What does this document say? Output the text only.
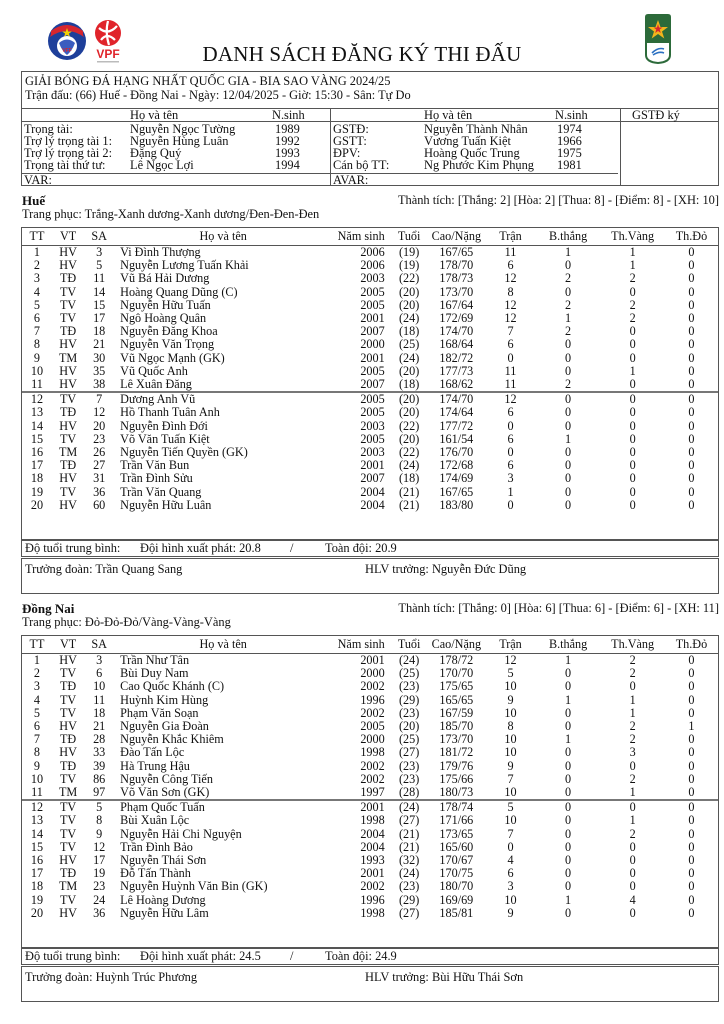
VFF VPF	DANH SÁCH ĐĂNG KÝ THI ĐẤU
GIẢI BÓNG ĐÁ HẠNG NHẤT QUỐC GIA - BIA SAO VÀNG 2024/25
Trận đấu: (66) Huế - Đồng Nai - Ngày: 12/04/2025 - Giờ: 15:30 - Sân: Tự Do
Họ và tên	N.sinh	Họ và tên	N.sinh	GSTĐ ký
Trọng tài:	Nguyễn Ngọc Tường	1989
Trợ lý trọng tài 1: Nguyễn Hùng Luân	1992
Trợ lý trọng tài 2: Đặng Quý	1993
Trọng tài thứ tư: Lê Ngọc Lợi	1994
GSTĐ:	Nguyễn Thành Nhân 1974
GSTT:	Vương Tuấn Kiệt	1966
ĐPV:	Hoàng Quốc Trung	1975
Cán bộ TT:	Ng Phước Kim Phụng 1981
VAR:	AVAR:
Huế	Thành tích: [Thắng: 2] [Hòa: 2] [Thua: 8] - [Điểm: 8] - [XH: 10]
Trang phục: Trắng-Xanh dương-Xanh dương/Đen-Đen-Đen
TT	VT	SA	Họ và tên	Năm sinh	Tuổi	Cao/Nặng	Trận	B.thắng	Th.Vàng	Th.Đỏ
1	HV	3	Vi Đình Thượng	2006	(19)	167/65	11	1	1	0
2	HV	5	Nguyễn Lương Tuấn Khải	2006	(19)	178/70	6	0	1	0
3	TĐ	11	Vũ Bá Hải Dương	2003	(22)	178/73	12	2	2	0
4	TV	14	Hoàng Quang Dũng (C)	2005	(20)	173/70	8	0	0	0
5	TV	15	Nguyễn Hữu Tuấn	2005	(20)	167/64	12	2	2	0
6	TV	17	Ngô Hoàng Quân	2001	(24)	172/69	12	1	2	0
7	TĐ	18	Nguyễn Đăng Khoa	2007	(18)	174/70	7	2	0	0
8	HV	21	Nguyễn Văn Trọng	2000	(25)	168/64	6	0	0	0
9	TM	30	Vũ Ngọc Mạnh (GK)	2001	(24)	182/72	0	0	0	0
10	HV	35	Vũ Quốc Anh	2005	(20)	177/73	11	0	1	0
11	HV	38	Lê Xuân Đăng	2007	(18)	168/62	11	2	0	0
12	TV	7	Dương Anh Vũ	2005	(20)	174/70	12	0	0	0
13	TĐ	12	Hồ Thanh Tuân Anh	2005	(20)	174/64	6	0	0	0
14	HV	20	Nguyễn Đình Đới	2003	(22)	177/72	0	0	0	0
15	TV	23	Võ Văn Tuấn Kiệt	2005	(20)	161/54	6	1	0	0
16	TM	26	Nguyễn Tiến Quyền (GK)	2003	(22)	176/70	0	0	0	0
17	TĐ	27	Trần Văn Bun	2001	(24)	172/68	6	0	0	0
18	HV	31	Trần Đình Sửu	2007	(18)	174/69	3	0	0	0
19	TV	36	Trần Văn Quang	2004	(21)	167/65	1	0	0	0
20	HV	60	Nguyễn Hữu Luân	2004	(21)	183/80	0	0	0	0
Độ tuổi trung bình: Đội hình xuất phát: 20.8 /	Toàn đội: 20.9
Trưởng đoàn: Trần Quang Sang	HLV trưởng: Nguyễn Đức Dũng
Đồng Nai	Thành tích: [Thắng: 0] [Hòa: 6] [Thua: 6] - [Điểm: 6] - [XH: 11]
Trang phục: Đỏ-Đỏ-Đỏ/Vàng-Vàng-Vàng
TT	VT	SA	Họ và tên	Năm sinh	Tuổi	Cao/Nặng	Trận	B.thắng	Th.Vàng	Th.Đỏ
1	HV	3	Trần Như Tân	2001	(24)	178/72	12	1	2	0
2	TV	6	Bùi Duy Nam	2000	(25)	170/70	5	0	2	0
3	TĐ	10	Cao Quốc Khánh (C)	2002	(23)	175/65	10	0	0	0
4	TV	11	Huỳnh Kim Hùng	1996	(29)	165/65	9	1	1	0
5	TV	18	Phạm Văn Soạn	2002	(23)	167/59	10	0	1	0
6	HV	21	Nguyễn Gia Đoàn	2005	(20)	185/70	8	0	2	1
7	TĐ	28	Nguyễn Khắc Khiêm	2000	(25)	173/70	10	1	2	0
8	HV	33	Đào Tấn Lộc	1998	(27)	181/72	10	0	3	0
9	TĐ	39	Hà Trung Hậu	2002	(23)	179/76	9	0	0	0
10	TV	86	Nguyễn Công Tiến	2002	(23)	175/66	7	0	2	0
11	TM	97	Võ Văn Sơn (GK)	1997	(28)	180/73	10	0	1	0
12	TV	5	Phạm Quốc Tuấn	2001	(24)	178/74	5	0	0	0
13	TV	8	Bùi Xuân Lộc	1998	(27)	171/66	10	0	1	0
14	TV	9	Nguyễn Hải Chi Nguyện	2004	(21)	173/65	7	0	2	0
15	TV	12	Trần Đình Bảo	2004	(21)	165/60	0	0	0	0
16	HV	17	Nguyễn Thái Sơn	1993	(32)	170/67	4	0	0	0
17	TĐ	19	Đỗ Tấn Thành	2001	(24)	170/75	6	0	0	0
18	TM	23	Nguyễn Huỳnh Văn Bin (GK)	2002	(23)	180/70	3	0	0	0
19	TV	24	Lê Hoàng Dương	1996	(29)	169/69	10	1	4	0
20	HV	36	Nguyễn Hữu Lâm	1998	(27)	185/81	9	0	0	0
Độ tuổi trung bình: Đội hình xuất phát: 24.5 /	Toàn đội: 24.9
Trưởng đoàn: Huỳnh Trúc Phương	HLV trưởng: Bùi Hữu Thái Sơn
